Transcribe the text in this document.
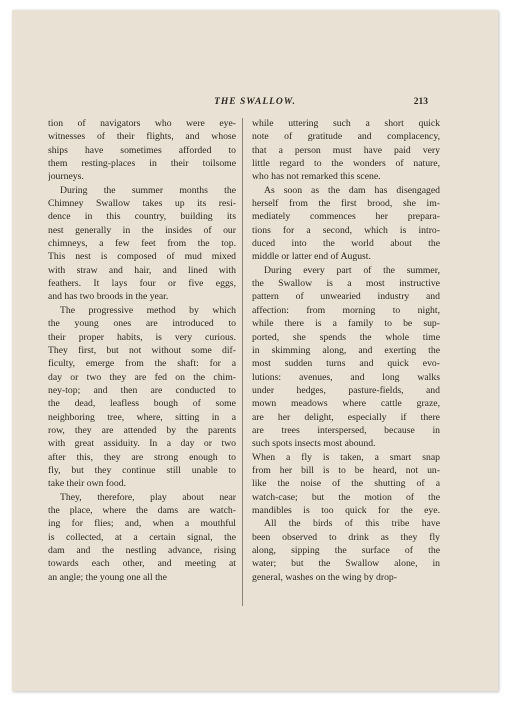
THE SWALLOW.	213
tion of navigators who were eye-
witnesses of their flights, and whose
ships have sometimes afforded to
them resting-places in their toilsome
journeys.
During the summer months the
Chimney Swallow takes up its resi-
dence in this country, building its
nest generally in the insides of our
chimneys, a few feet from the top.
This nest is composed of mud mixed
with straw and hair, and lined with
feathers. It lays four or five eggs,
and has two broods in the year.
The progressive method by which
the young ones are introduced to
their proper habits, is very curious.
They first, but not without some dif-
ficulty, emerge from the shaft: for a
day or two they are fed on the chim-
ney-top; and then are conducted to
the dead, leafless bough of some
neighboring tree, where, sitting in a
row, they are attended by the parents
with great assiduity. In a day or two
after this, they are strong enough to
fly, but they continue still unable to
take their own food.
They, therefore, play about near
the place, where the dams are watch-
ing for flies; and, when a mouthful
is collected, at a certain signal, the
dam and the nestling advance, rising
towards each other, and meeting at
an angle; the young one all the
while uttering such a short quick
note of gratitude and complacency,
that a person must have paid very
little regard to the wonders of nature,
who has not remarked this scene.
As soon as the dam has disengaged
herself from the first brood, she im-
mediately commences her prepara-
tions for a second, which is intro-
duced into the world about the
middle or latter end of August.
During every part of the summer,
the Swallow is a most instructive
pattern of unwearied industry and
affection: from morning to night,
while there is a family to be sup-
ported, she spends the whole time
in skimming along, and exerting the
most sudden turns and quick evo-
lutions: avenues, and long walks
under hedges, pasture-fields, and
mown meadows where cattle graze,
are her delight, especially if there
are trees interspersed, because in
such spots insects most abound.
When a fly is taken, a smart snap
from her bill is to be heard, not un-
like the noise of the shutting of a
watch-case; but the motion of the
mandibles is too quick for the eye.
All the birds of this tribe have
been observed to drink as they fly
along, sipping the surface of the
water; but the Swallow alone, in
general, washes on the wing by drop-
